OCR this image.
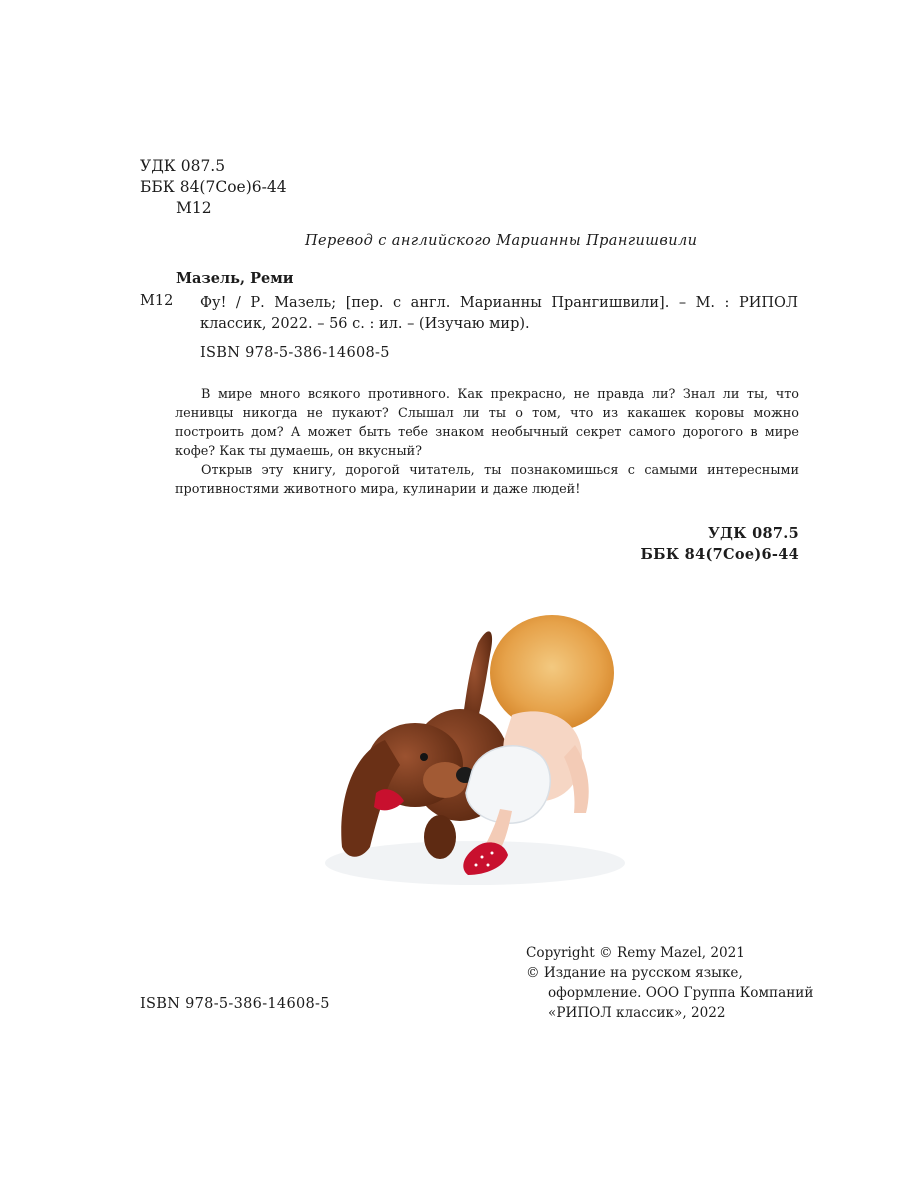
УДК 087.5
ББК 84(7Сое)6-44
М12
Перевод с английского Марианны Прангишвили
Мазель, Реми
М12 Фу! / Р. Мазель; [пер. с англ. Марианны Прангишвили]. – М. : РИПОЛ классик, 2022. – 56 с. : ил. – (Изучаю мир).
ISBN 978-5-386-14608-5

В мире много всякого противного. Как прекрасно, не правда ли? Знал ли ты, что ленивцы никогда не пукают? Слышал ли ты о том, что из какашек коровы можно построить дом? А может быть тебе знаком необычный секрет самого дорогого в мире кофе? Как ты думаешь, он вкусный?

Открыв эту книгу, дорогой читатель, ты познакомишься с самыми интересными противностями животного мира, кулинарии и даже людей!

УДК 087.5
ББК 84(7Сое)6-44
ISBN 978-5-386-14608-5
Copyright © Remy Mazel, 2021
© Издание на русском языке,
оформление. ООО Группа Компаний
«РИПОЛ классик», 2022
